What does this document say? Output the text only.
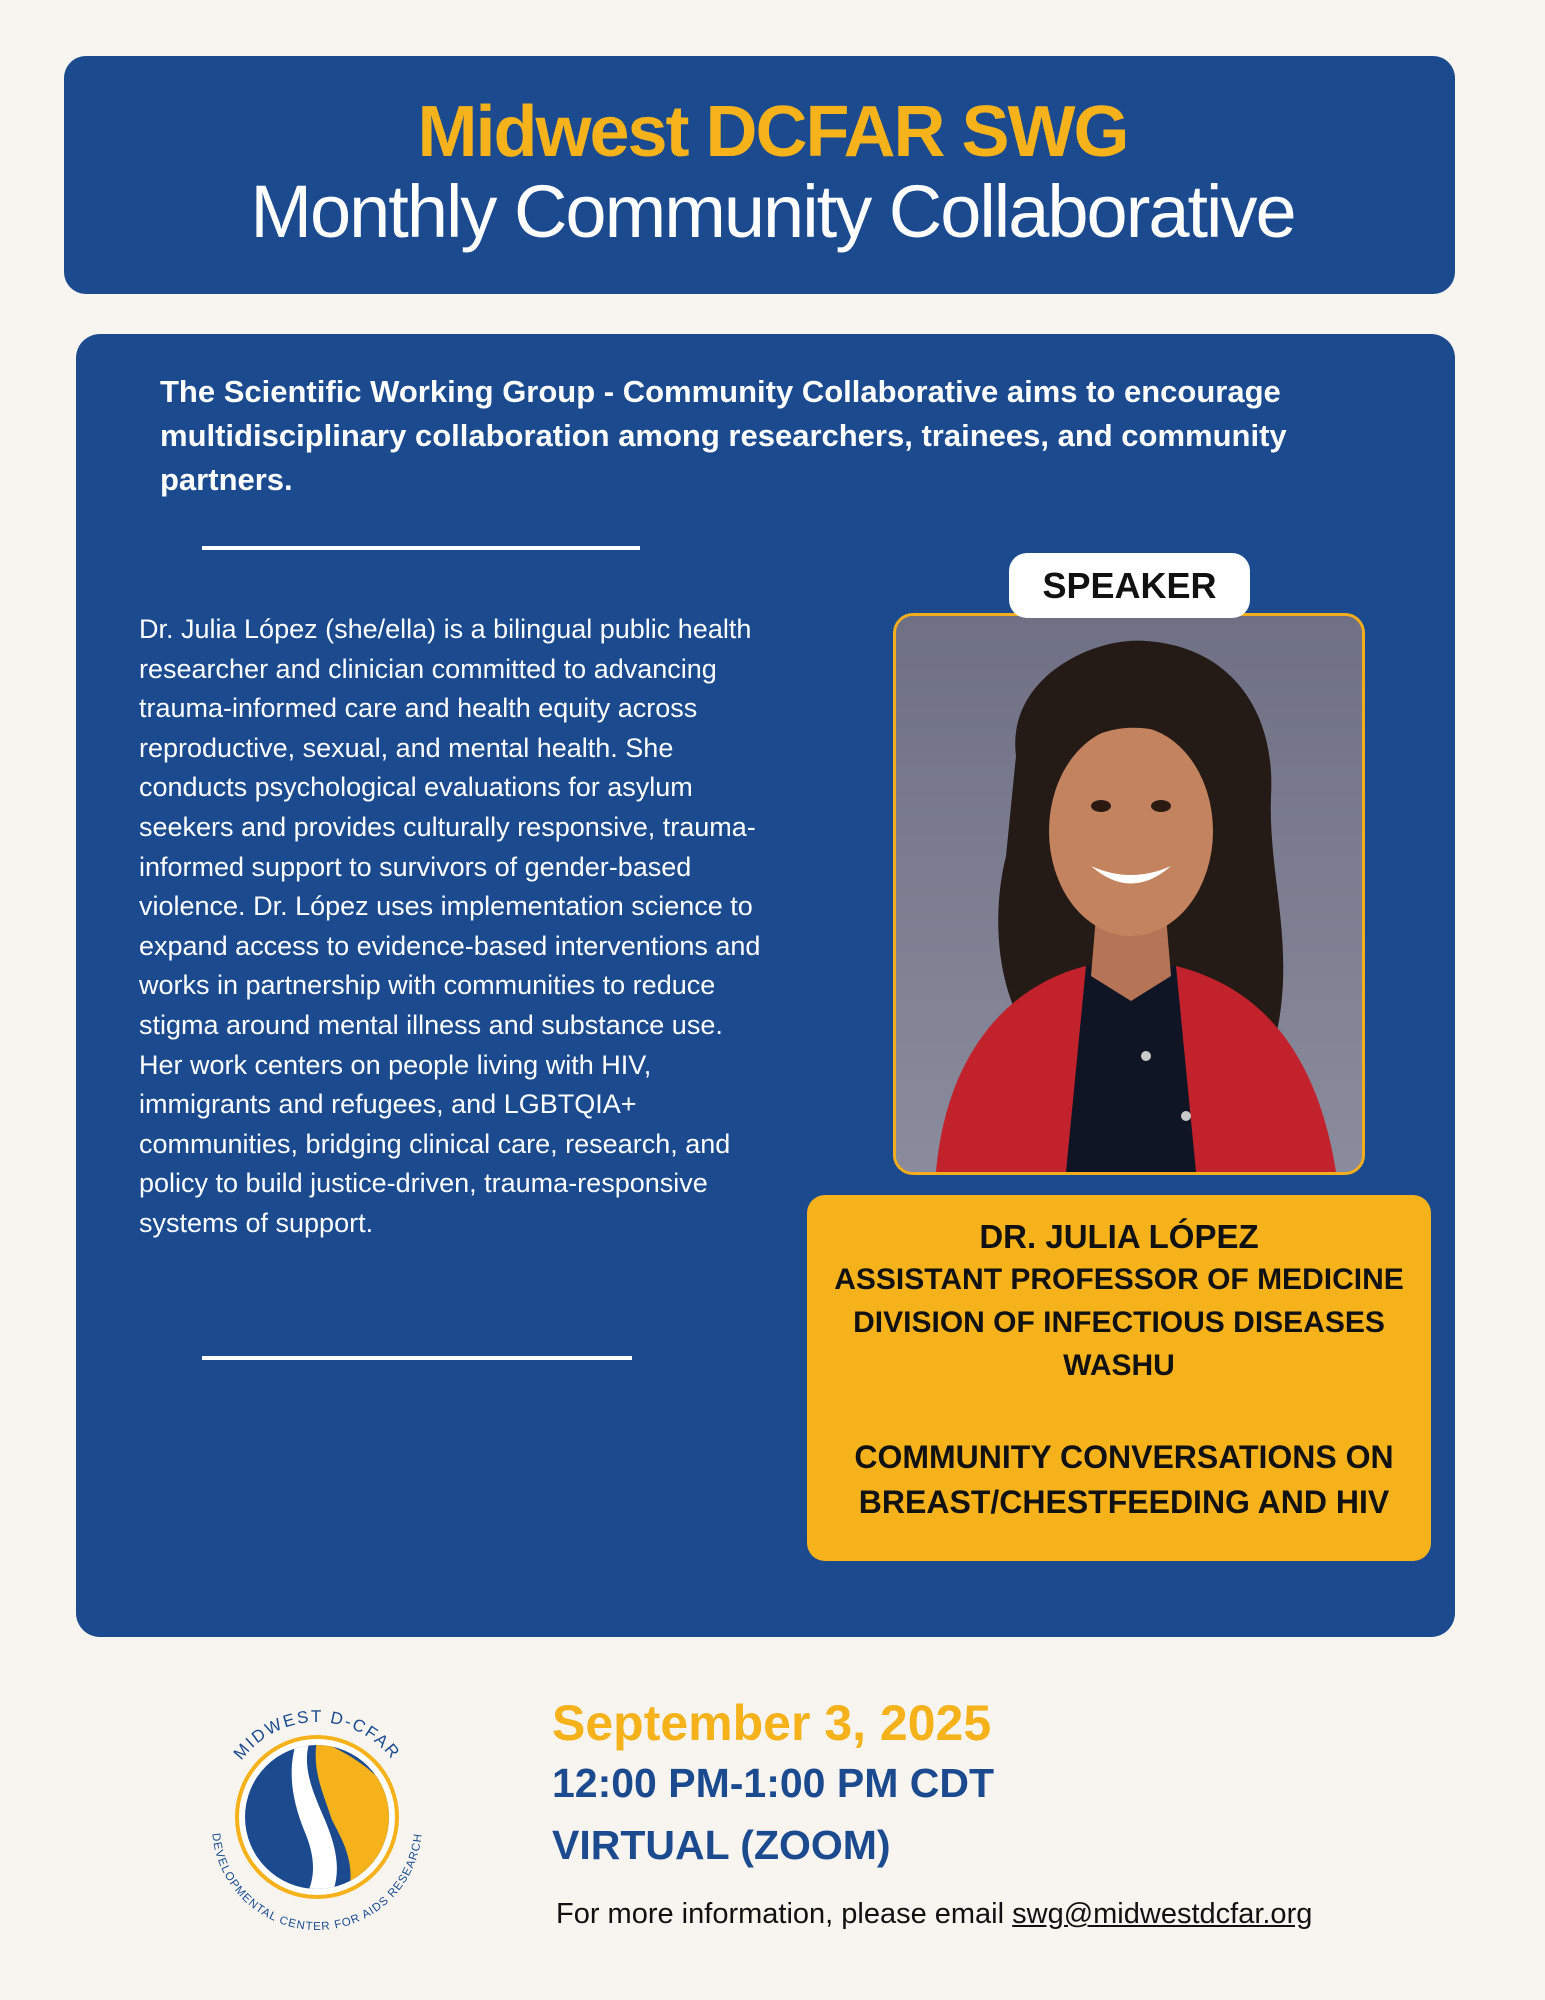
Midwest DCFAR SWG
Monthly Community Collaborative
The Scientific Working Group - Community Collaborative aims to encourage multidisciplinary collaboration among researchers, trainees, and community partners.
Dr. Julia López (she/ella) is a bilingual public health researcher and clinician committed to advancing trauma-informed care and health equity across reproductive, sexual, and mental health. She conducts psychological evaluations for asylum seekers and provides culturally responsive, trauma-informed support to survivors of gender-based violence. Dr. López uses implementation science to expand access to evidence-based interventions and works in partnership with communities to reduce stigma around mental illness and substance use. Her work centers on people living with HIV, immigrants and refugees, and LGBTQIA+ communities, bridging clinical care, research, and policy to build justice-driven, trauma-responsive systems of support.
SPEAKER
DR. JULIA LÓPEZ
ASSISTANT PROFESSOR OF MEDICINE
DIVISION OF INFECTIOUS DISEASES
WASHU
COMMUNITY CONVERSATIONS ON BREAST/CHESTFEEDING AND HIV
MIDWEST D-CFAR
DEVELOPMENTAL CENTER FOR AIDS RESEARCH
September 3, 2025
12:00 PM-1:00 PM CDT
VIRTUAL (ZOOM)
For more information, please email swg@midwestdcfar.org
